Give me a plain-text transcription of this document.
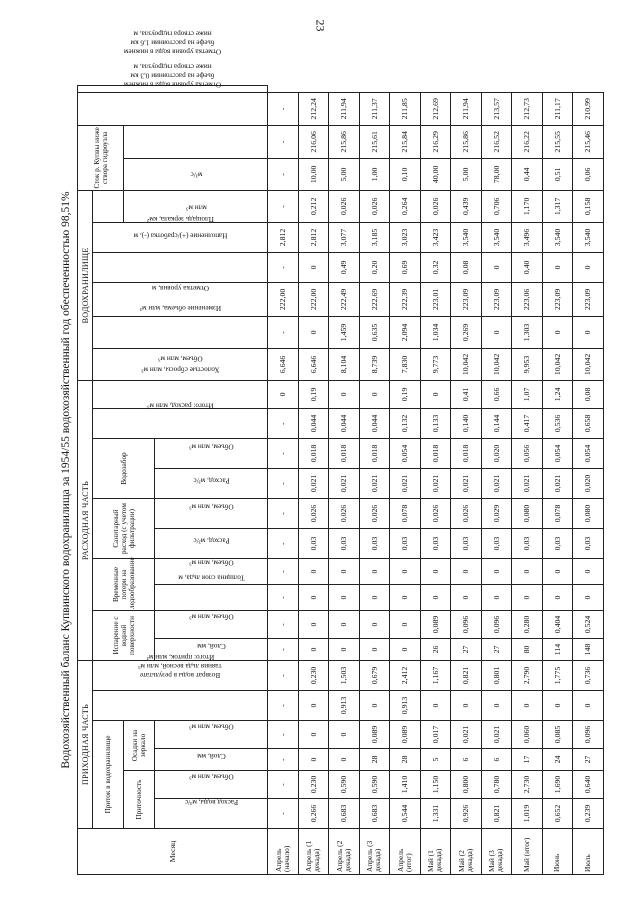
23
Водохозяйственный баланс Купвинского водохранилища за 1954/55 водохозяйственный год обеспеченностью 98,51%
Месяц	ПРИХОДНАЯ ЧАСТЬ						РАСХОДНАЯ ЧАСТЬ										ВОДОХРАНИЛИЩЕ						Сток р. Купвы ниже створа гидроузла		Отметка уровня воды в нижнем бьефе на расстоянии 0,3 км ниже створа гидроузла, м	Отметка уровня воды в нижнем бьефе на расстоянии 1,6 км ниже створа гидроузла, м
	Приток в водохранилище				Возврат воды в результате таяния льда весной, млн м³	Итого: приток, млн м³	Испарение с водной поверхности		Временные потери на ледообразование		Санитарный расход (с учетом фильтрации)		Водозабор		Итого: расход, млн м³	Холостые сбросы, млн м³	Объем, млн м³	Изменение объема, млн м³	Отметка уровня, м	Наполнение (+)/сработка (-), м	Площадь зеркала, км²					
	Приточность		Осадки на зеркало																			млн м³	м³/с			
	Расход воды, м³/с	Объем, млн м³	Слой, мм	Объем, млн м³			Слой, мм	Объем, млн м³	Толщина слоя льда, м	Объем, млн м³	Расход, м³/с	Объем, млн м³	Расход, м³/с	Объем, млн м³												
Апрель (начало)	-	-	-	-	-	-	-	-	-	-	-	-	-	-	-	0	6,646	-	222,00	-	2,812	-	-	-	-	
Апрель (1 декада)	0,266	0,230	0	0	0	0,230	0	0	0	0	0,03	0,026	0,021	0,018	0,044	0,19	6,646	0	222,00	0	2,812	0,212	10,00	216,06	212,24	
Апрель (2 декада)	0,683	0,590	0	0	0,913	1,503	0	0	0	0	0,03	0,026	0,021	0,018	0,044	0	8,104	1,459	222,49	0,49	3,077	0,026	5,00	215,86	211,94	
Апрель (3 декада)	0,683	0,590	28	0,089	0	0,679	0	0	0	0	0,03	0,026	0,021	0,018	0,044	0	8,739	0,635	222,69	0,20	3,185	0,026	1,00	215,61	211,37	
Апрель (итог)	0,544	1,410	28	0,089	0,913	2,412	0	0	0	0	0,03	0,078	0,021	0,054	0,132	0,19	7,830	2,094	222,39	0,69	3,023	0,264	0,10	215,84	211,85	
Май (1 декада)	1,331	1,150	5	0,017	0	1,167	26	0,089	0	0	0,03	0,026	0,021	0,018	0,133	0	9,773	1,034	223,01	0,32	3,423	0,026	40,00	216,29	212,69	
Май (2 декада)	0,926	0,800	6	0,021	0	0,821	27	0,096	0	0	0,03	0,026	0,021	0,018	0,140	0,41	10,042	0,269	223,09	0,08	3,540	0,439	5,00	215,86	211,94	
Май (3 декада)	0,821	0,780	6	0,021	0	0,801	27	0,096	0	0	0,03	0,029	0,021	0,020	0,144	0,66	10,042	0	223,09	0	3,540	0,706	78,00	216,52	213,57	
Май (итог)	1,019	2,730	17	0,060	0	2,790	80	0,280	0	0	0,03	0,080	0,021	0,056	0,417	1,07	9,953	1,303	223,06	0,40	3,496	1,170	0,44	216,22	212,73	
Июнь	0,652	1,690	24	0,085	0	1,775	114	0,404	0	0	0,03	0,078	0,021	0,054	0,536	1,24	10,042	0	223,09	0	3,540	1,317	0,51	215,55	211,17	
Июль	0,239	0,640	27	0,096	0	0,736	148	0,524	0	0	0,03	0,080	0,020	0,054	0,658	0,08	10,042	0	223,09	0	3,540	0,158	0,06	215,46	210,99	
